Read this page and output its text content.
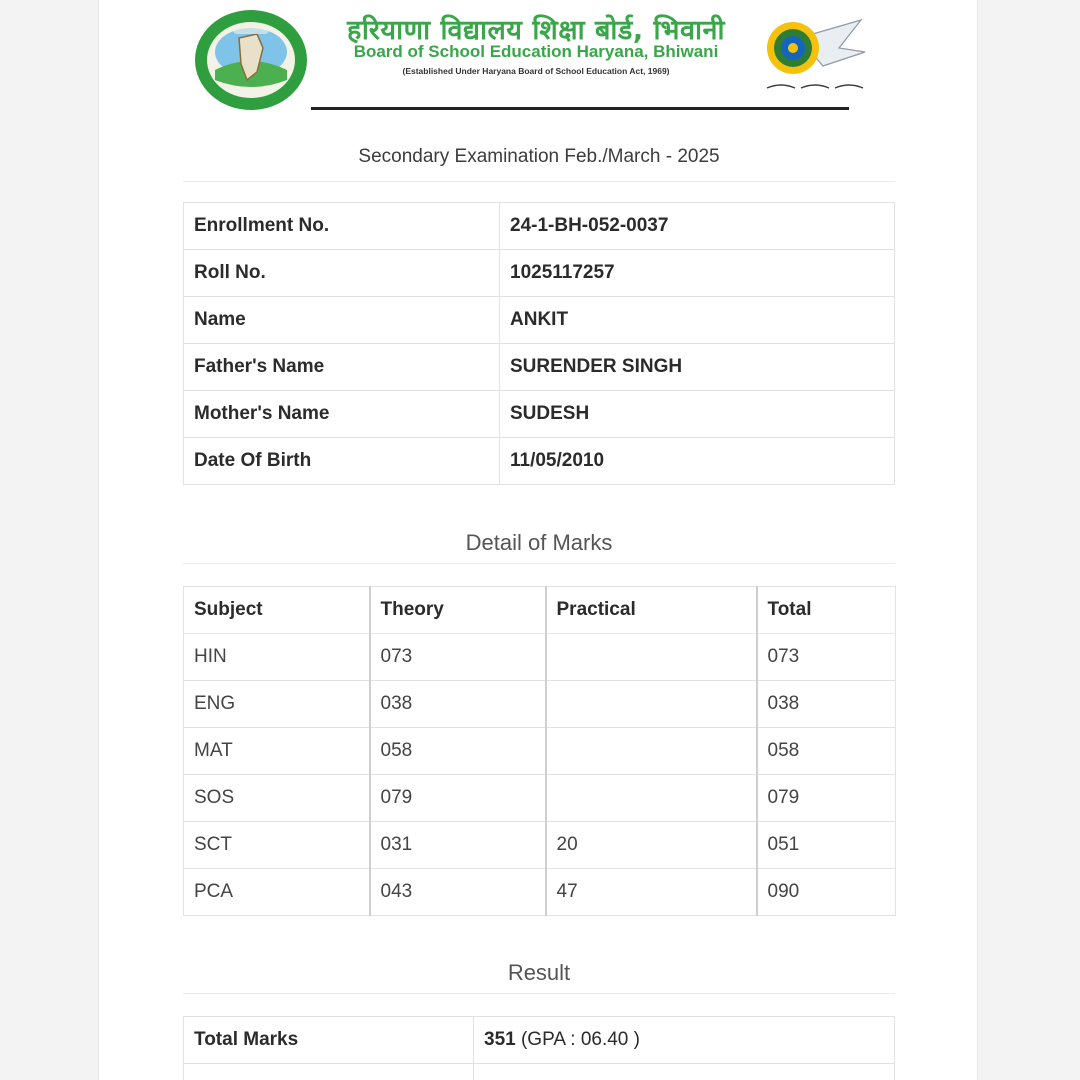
हरियाणा विद्यालय शिक्षा बोर्ड, भिवानी
Board of School Education Haryana, Bhiwani
(Established Under Haryana Board of School Education Act, 1969)
Secondary Examination Feb./March - 2025
Enrollment No.	24-1-BH-052-0037
Roll No.	1025117257
Name	ANKIT
Father's Name	SURENDER SINGH
Mother's Name	SUDESH
Date Of Birth	11/05/2010
Detail of Marks
Subject	Theory	Practical	Total
HIN	073		073
ENG	038		038
MAT	058		058
SOS	079		079
SCT	031	20	051
PCA	043	47	090
Result
Total Marks	351 (GPA : 06.40 )
